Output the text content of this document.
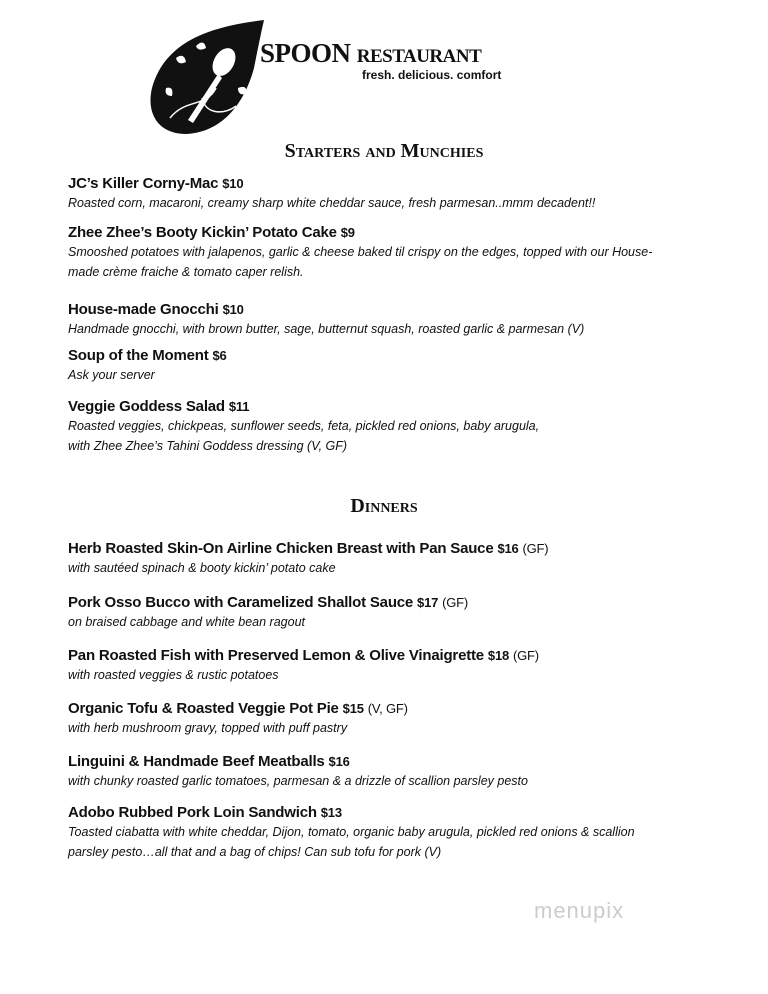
SPOON RESTAURANT
fresh. delicious. comfort
Starters and Munchies
JC’s Killer Corny-Mac $10
Roasted corn, macaroni, creamy sharp white cheddar sauce, fresh parmesan..mmm decadent!!
Zhee Zhee’s Booty Kickin’ Potato Cake $9
Smooshed potatoes with jalapenos, garlic & cheese baked til crispy on the edges, topped with our House-
made crème fraiche & tomato caper relish.
House-made Gnocchi $10
Handmade gnocchi, with brown butter, sage, butternut squash, roasted garlic & parmesan (V)
Soup of the Moment $6
Ask your server
Veggie Goddess Salad $11
Roasted veggies, chickpeas, sunflower seeds, feta, pickled red onions, baby arugula,
with Zhee Zhee’s Tahini Goddess dressing (V, GF)
Dinners
Herb Roasted Skin-On Airline Chicken Breast with Pan Sauce $16 (GF)
with sautéed spinach & booty kickin’ potato cake
Pork Osso Bucco with Caramelized Shallot Sauce $17 (GF)
on braised cabbage and white bean ragout
Pan Roasted Fish with Preserved Lemon & Olive Vinaigrette $18 (GF)
with roasted veggies & rustic potatoes
Organic Tofu & Roasted Veggie Pot Pie $15 (V, GF)
with herb mushroom gravy, topped with puff pastry
Linguini & Handmade Beef Meatballs $16
with chunky roasted garlic tomatoes, parmesan & a drizzle of scallion parsley pesto
Adobo Rubbed Pork Loin Sandwich $13
Toasted ciabatta with white cheddar, Dijon, tomato, organic baby arugula, pickled red onions & scallion
parsley pesto…all that and a bag of chips! Can sub tofu for pork (V)
menupix
